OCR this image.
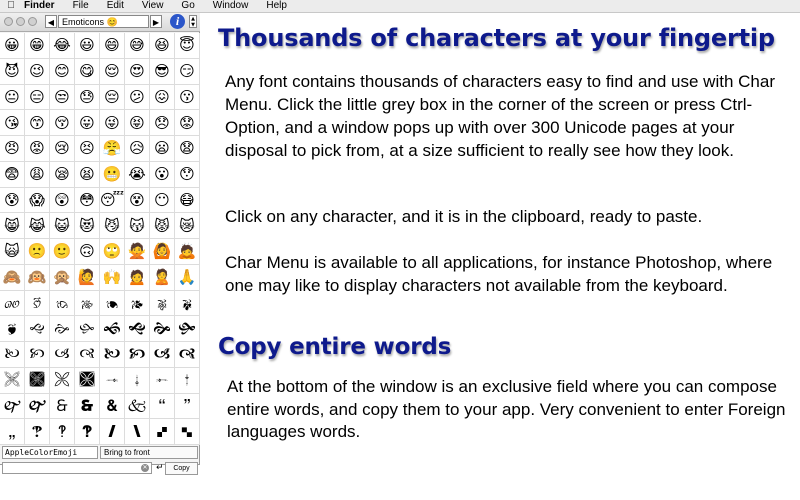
Finder	File	Edit	View	Go	Window	Help
◀ Emoticons 😊	▶	i	▲
▼
😀 😁 😂 😃 😄 😅 😆 😇
😈 😉 😊 😋 😌 😍 😎 😏
😐 😑 😒 😓 😔 😕 😖 😗
😘 😙 😚 😛 😜 😝 😞 😟
😠 😡 😢 😣 😤 😥 😦 😧
😨 😩 😪 😫 😬 😭 😮 😯
😰 😱 😲 😳 😴 😵 😶 😷
😸 😹 😺 😻 😼 😽 😾 😿
🙀 🙁 🙂 🙃 🙄 🙅 🙆 🙇
🙈 🙉 🙊 🙋 🙌 🙍 🙎 🙏
🙐 🙑 🙒 🙓 🙔 🙕 🙖 🙗
🙘 🙙 🙚 🙛 🙜 🙝 🙞 🙟
🙠 🙡 🙢 🙣 🙤 🙥 🙦 🙧
🙨 🙩 🙪 🙫 🙬	🙭	🙮	🙯
🙰 🙱 🙲 🙳 🙴 🙵 🙶	🙷
🙸 🙹 🙺 🙻	🙼	🙽	🙾 🙿
AppleColorEmoji	Bring to front
✕ ↵	Copy
Thousands of characters at your fingertip

Any font contains thousands of characters easy to find and use with Char Menu. Click the little grey box in the corner of the screen or press Ctrl-Option, and a window pops up with over 300 Unicode pages at your disposal to pick from, at a size sufficient to really see how they look.

Click on any character, and it is in the clipboard, ready to paste.

Char Menu is available to all applications, for instance Photoshop, where one may like to display characters not available from the keyboard.

Copy entire words

At the bottom of the window is an exclusive field where you can compose entire words, and copy them to your app. Very convenient to enter Foreign languages words.
